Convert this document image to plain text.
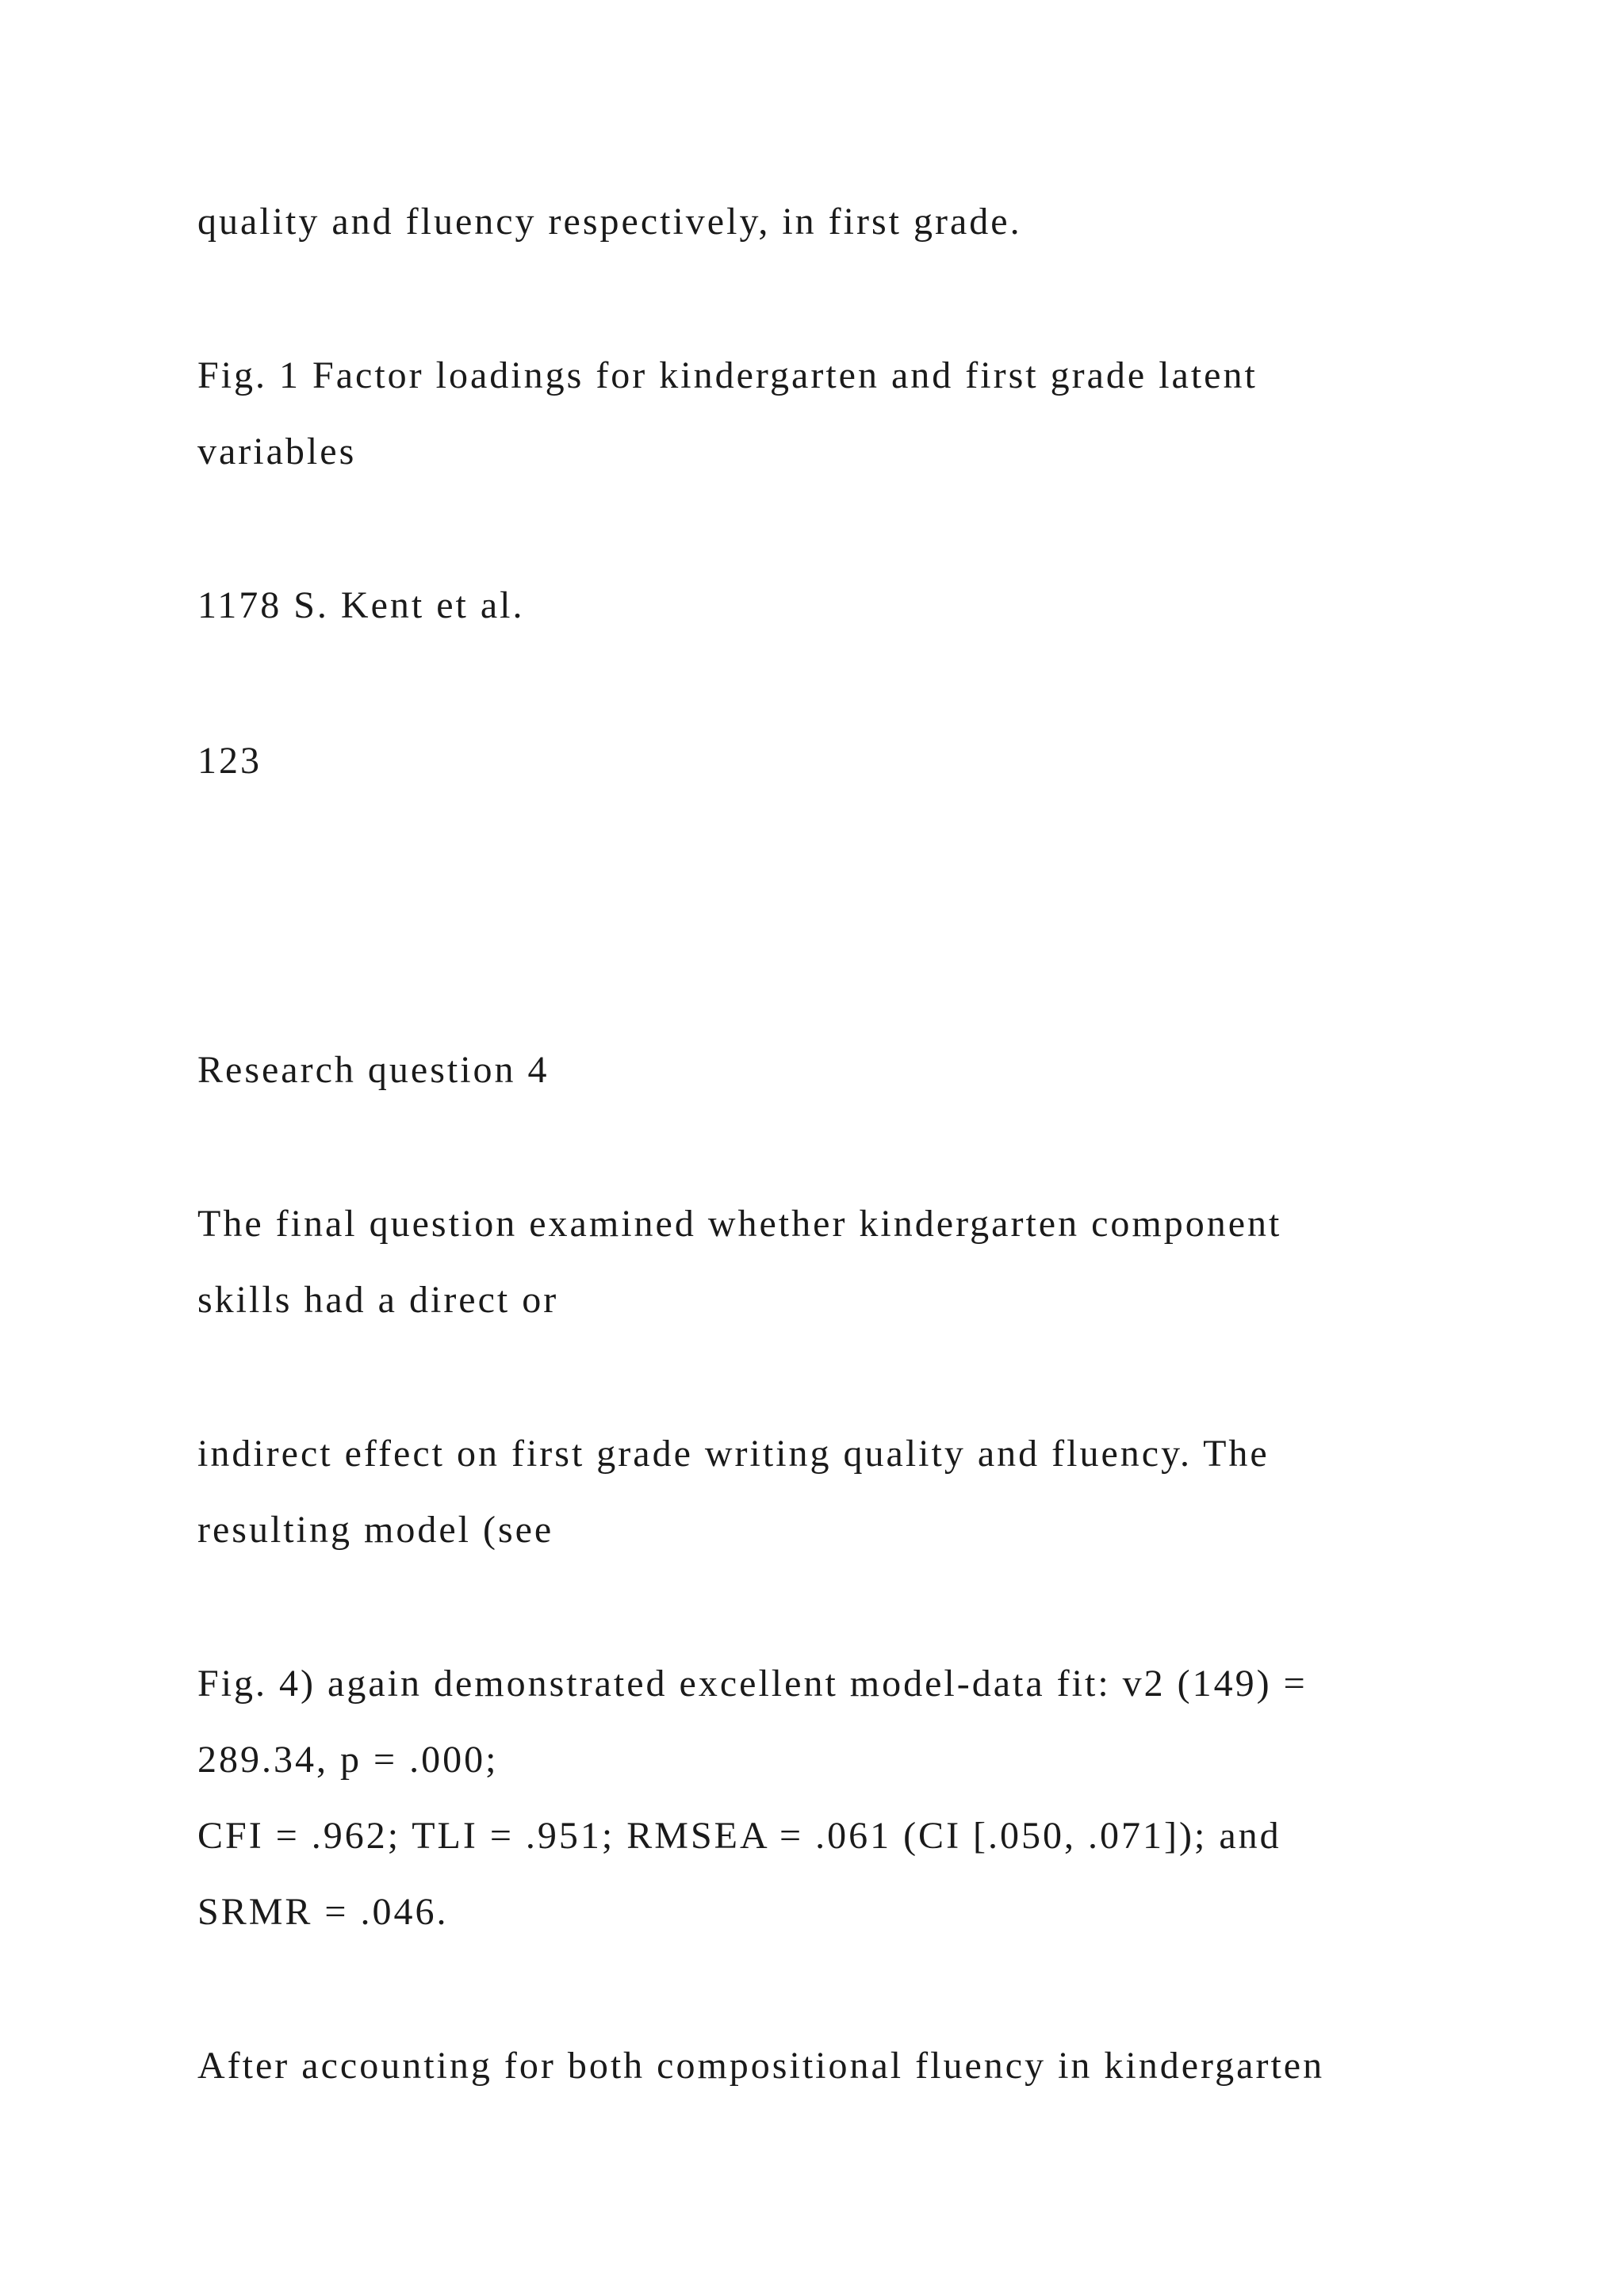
quality and fluency respectively, in first grade.
Fig. 1 Factor loadings for kindergarten and first grade latent
variables
1178 S. Kent et al.
123
Research question 4
The final question examined whether kindergarten component
skills had a direct or
indirect effect on first grade writing quality and fluency. The
resulting model (see
Fig. 4) again demonstrated excellent model-data fit: v2 (149) =
289.34, p = .000;
CFI = .962; TLI = .951; RMSEA = .061 (CI [.050, .071]); and
SRMR = .046.
After accounting for both compositional fluency in kindergarten
